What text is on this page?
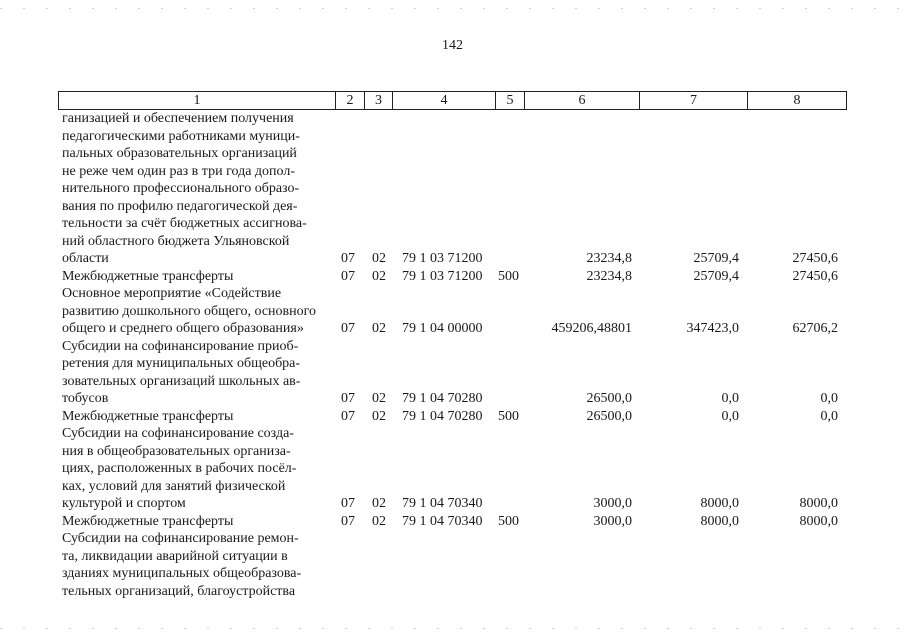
142
1	2	3	4	5	6	7	8
ганизацией и обеспечением получения
педагогическими работниками муници-
пальных образовательных организаций
не реже чем один раз в три года допол-
нительного профессионального образо-
вания по профилю педагогической дея-
тельности за счёт бюджетных ассигнова-
ний областного бюджета Ульяновской
области	07 02 79 1 03 71200	23234,8	25709,4	27450,6
Межбюджетные трансферты	07 02 79 1 03 71200 500	23234,8	25709,4	27450,6
Основное мероприятие «Содействие
развитию дошкольного общего, основного
общего и среднего общего образования»	07 02 79 1 04 00000	459206,48801	347423,0	62706,2
Субсидии на софинансирование приоб-
ретения для муниципальных общеобра-
зовательных организаций школьных ав-
тобусов	07 02 79 1 04 70280	26500,0	0,0	0,0
Межбюджетные трансферты	07 02 79 1 04 70280 500	26500,0	0,0	0,0
Субсидии на софинансирование созда-
ния в общеобразовательных организа-
циях, расположенных в рабочих посёл-
ках, условий для занятий физической
культурой и спортом	07 02 79 1 04 70340	3000,0	8000,0	8000,0
Межбюджетные трансферты	07 02 79 1 04 70340 500	3000,0	8000,0	8000,0
Субсидии на софинансирование ремон-
та, ликвидации аварийной ситуации в
зданиях муниципальных общеобразова-
тельных организаций, благоустройства
